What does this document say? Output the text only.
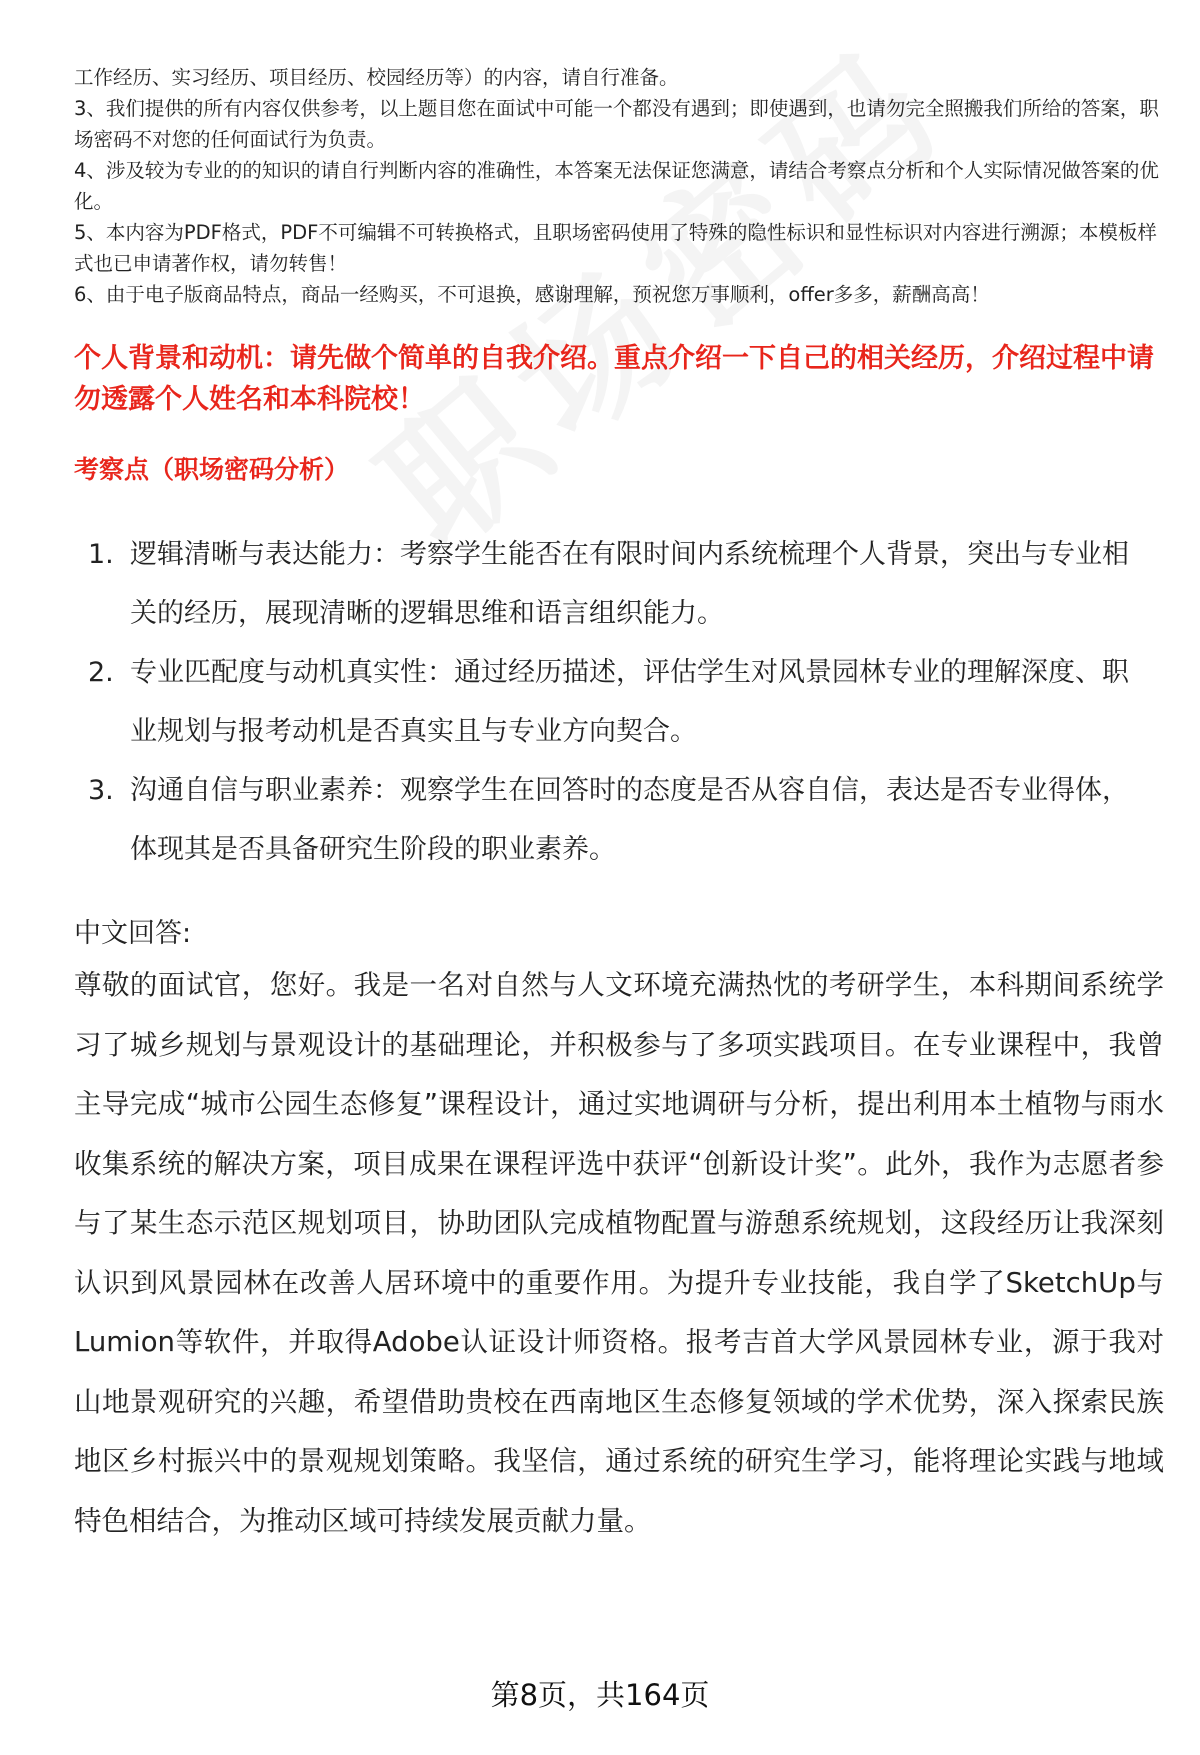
工作经历、实习经历、项目经历、校园经历等）的内容，请自行准备。

3、我们提供的所有内容仅供参考，以上题目您在面试中可能一个都没有遇到；即使遇到，也请勿完全照搬我们所给的答案，职场密码不对您的任何面试行为负责。

4、涉及较为专业的的知识的请自行判断内容的准确性，本答案无法保证您满意，请结合考察点分析和个人实际情况做答案的优化。

5、本内容为PDF格式，PDF不可编辑不可转换格式，且职场密码使用了特殊的隐性标识和显性标识对内容进行溯源；本模板样式也已申请著作权，请勿转售！

6、由于电子版商品特点，商品一经购买，不可退换，感谢理解，预祝您万事顺利，offer多多，薪酬高高！

个人背景和动机：请先做个简单的自我介绍。重点介绍一下自己的相关经历，介绍过程中请勿透露个人姓名和本科院校！

考察点（职场密码分析）

1. 逻辑清晰与表达能力：考察学生能否在有限时间内系统梳理个人背景，突出与专业相关的经历，展现清晰的逻辑思维和语言组织能力。
2. 专业匹配度与动机真实性：通过经历描述，评估学生对风景园林专业的理解深度、职业规划与报考动机是否真实且与专业方向契合。
3. 沟通自信与职业素养：观察学生在回答时的态度是否从容自信，表达是否专业得体，体现其是否具备研究生阶段的职业素养。

中文回答:

尊敬的面试官，您好。我是一名对自然与人文环境充满热忱的考研学生，本科期间系统学习了城乡规划与景观设计的基础理论，并积极参与了多项实践项目。在专业课程中，我曾主导完成“城市公园生态修复”课程设计，通过实地调研与分析，提出利用本土植物与雨水收集系统的解决方案，项目成果在课程评选中获评“创新设计奖”。此外，我作为志愿者参与了某生态示范区规划项目，协助团队完成植物配置与游憩系统规划，这段经历让我深刻认识到风景园林在改善人居环境中的重要作用。为提升专业技能，我自学了SketchUp与Lumion等软件，并取得Adobe认证设计师资格。报考吉首大学风景园林专业，源于我对山地景观研究的兴趣，希望借助贵校在西南地区生态修复领域的学术优势，深入探索民族地区乡村振兴中的景观规划策略。我坚信，通过系统的研究生学习，能将理论实践与地域特色相结合，为推动区域可持续发展贡献力量。

第8页，共164页
